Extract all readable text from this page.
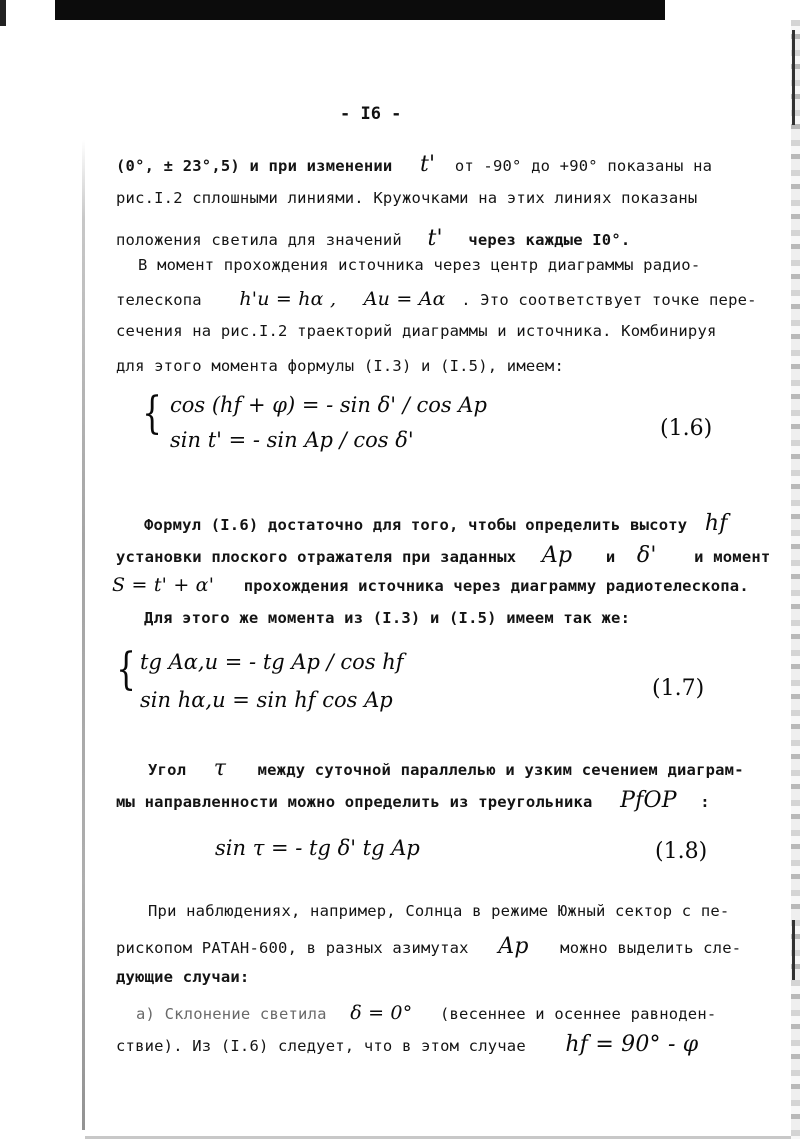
- I6 -
(0°, ± 23°,5) и при изменении t' от -90° до +90° показаны на
рис.I.2 сплошными линиями. Кружочками на этих линиях показаны
положения светила для значений t' через каждые I0°.
В момент прохождения источника через центр диаграммы радио-
телескопа h'и = hα , Aи = Aα . Это соответствует точке пере-
сечения на рис.I.2 траекторий диаграммы и источника. Комбинируя
для этого момента формулы (I.3) и (I.5), имеем:
{ cos (hf + φ) = - sin δ' / cos Ap
sin t' = - sin Ap / cos δ'	(1.6)
Формул (I.6) достаточно для того, чтобы определить высоту hf
установки плоского отражателя при заданных Ap и δ' и момент
S = t' + α' прохождения источника через диаграмму радиотелескопа.
Для этого же момента из (I.3) и (I.5) имеем так же:
{ tg Aα,и = - tg Ap / cos hf
sin hα,и = sin hf cos Ap	(1.7)
Угол τ между суточной параллелью и узким сечением диаграм-
мы направленности можно определить из треугольника PfOP :
sin τ = - tg δ' tg Ap	(1.8)
При наблюдениях, например, Солнца в режиме Южный сектор с пе-
рископом РАТАН-600, в разных азимутах Ap можно выделить сле-
дующие случаи:
а) Склонение светила δ = 0° (весеннее и осеннее равноден-
ствие). Из (I.6) следует, что в этом случае hf = 90° - φ
